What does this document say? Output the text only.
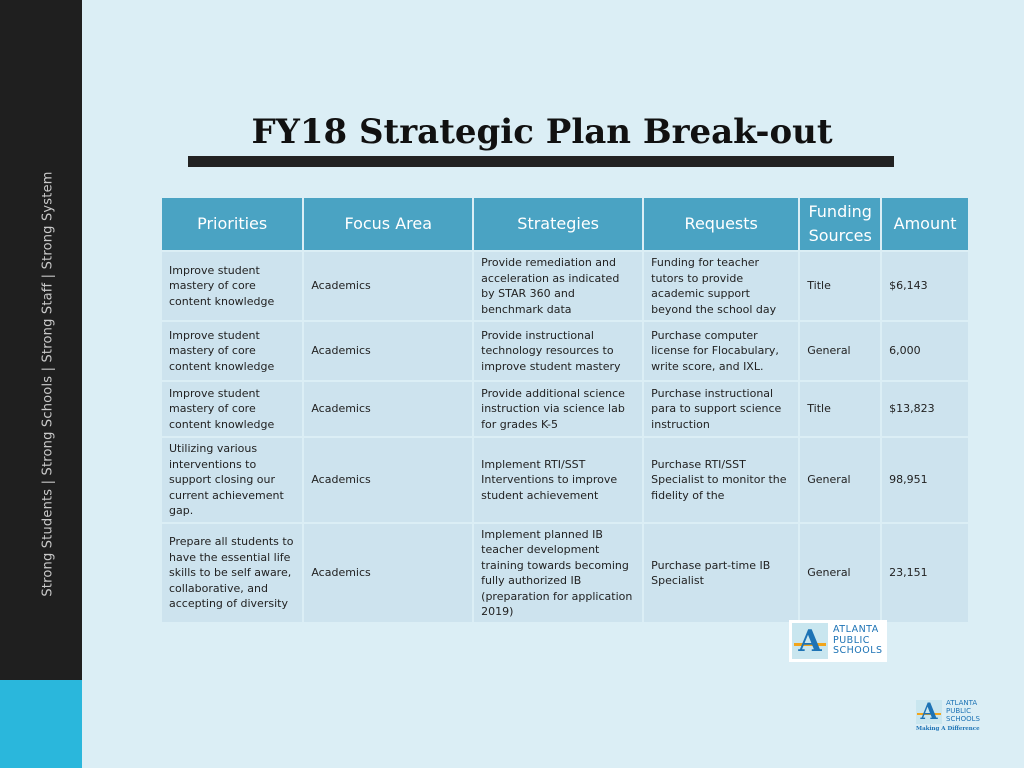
Strong Students | Strong Schools | Strong Staff | Strong System
FY18 Strategic Plan Break-out
Priorities	Focus Area	Strategies	Requests	Funding Sources	Amount
Improve student mastery of core content knowledge	Academics	Provide remediation and acceleration as indicated by STAR 360 and benchmark data	Funding for teacher tutors to provide academic support beyond the school day	Title	$6,143
Improve student mastery of core content knowledge	Academics	Provide instructional technology resources to improve student mastery	Purchase computer license for Flocabulary, write score, and IXL.	General	6,000
Improve student mastery of core content knowledge	Academics	Provide additional science instruction via science lab for grades K-5	Purchase instructional para to support science instruction	Title	$13,823
Utilizing various interventions to support closing our current achievement gap.	Academics	Implement RTI/SST Interventions to improve student achievement	Purchase RTI/SST Specialist to monitor the fidelity of the	General	98,951
Prepare all students to have the essential life skills to be self aware, collaborative, and accepting of diversity	Academics	Implement planned IB teacher development training towards becoming fully authorized IB (preparation for application 2019)	Purchase part-time IB Specialist	General	23,151
A ATLANTA
PUBLIC
SCHOOLS
A ATLANTA
PUBLIC
SCHOOLS
Making A Difference
